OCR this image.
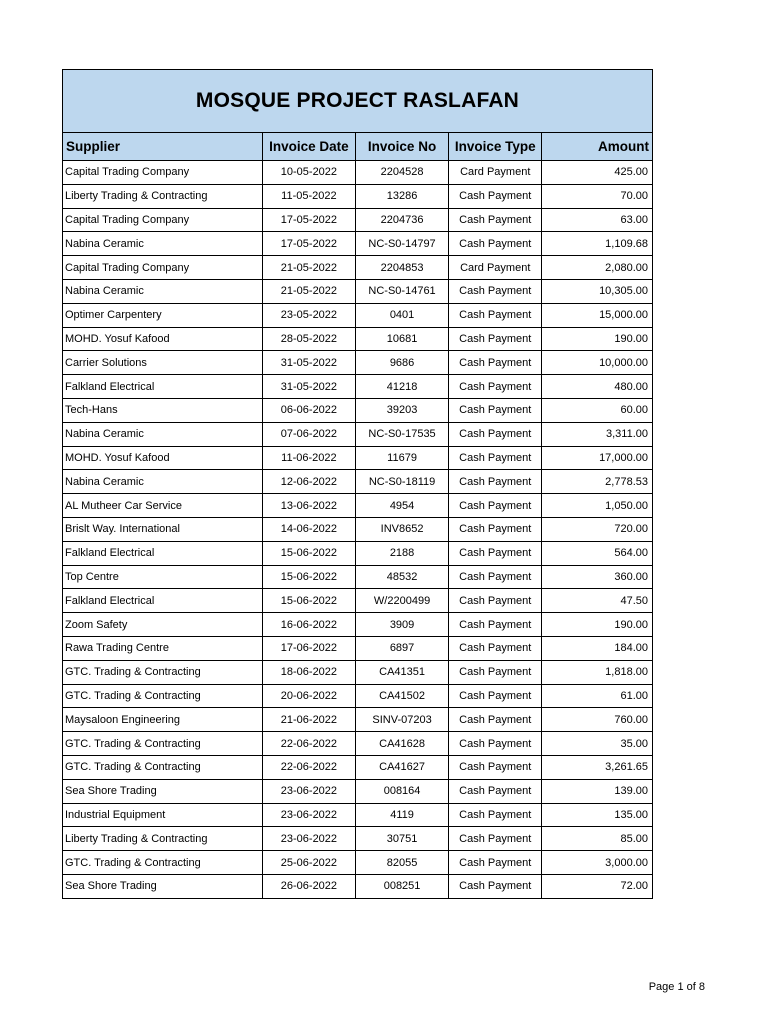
MOSQUE PROJECT RASLAFAN
Supplier	Invoice Date	Invoice No	Invoice Type	Amount
Capital Trading Company	10-05-2022	2204528	Card Payment	425.00
Liberty Trading & Contracting	11-05-2022	13286	Cash Payment	70.00
Capital Trading Company	17-05-2022	2204736	Cash Payment	63.00
Nabina Ceramic	17-05-2022	NC-S0-14797	Cash Payment	1,109.68
Capital Trading Company	21-05-2022	2204853	Card Payment	2,080.00
Nabina Ceramic	21-05-2022	NC-S0-14761	Cash Payment	10,305.00
Optimer Carpentery	23-05-2022	0401	Cash Payment	15,000.00
MOHD. Yosuf Kafood	28-05-2022	10681	Cash Payment	190.00
Carrier Solutions	31-05-2022	9686	Cash Payment	10,000.00
Falkland Electrical	31-05-2022	41218	Cash Payment	480.00
Tech-Hans	06-06-2022	39203	Cash Payment	60.00
Nabina Ceramic	07-06-2022	NC-S0-17535	Cash Payment	3,311.00
MOHD. Yosuf Kafood	11-06-2022	11679	Cash Payment	17,000.00
Nabina Ceramic	12-06-2022	NC-S0-18119	Cash Payment	2,778.53
AL Mutheer Car Service	13-06-2022	4954	Cash Payment	1,050.00
Brislt Way. International	14-06-2022	INV8652	Cash Payment	720.00
Falkland Electrical	15-06-2022	2188	Cash Payment	564.00
Top Centre	15-06-2022	48532	Cash Payment	360.00
Falkland Electrical	15-06-2022	W/2200499	Cash Payment	47.50
Zoom Safety	16-06-2022	3909	Cash Payment	190.00
Rawa Trading Centre	17-06-2022	6897	Cash Payment	184.00
GTC. Trading & Contracting	18-06-2022	CA41351	Cash Payment	1,818.00
GTC. Trading & Contracting	20-06-2022	CA41502	Cash Payment	61.00
Maysaloon Engineering	21-06-2022	SINV-07203	Cash Payment	760.00
GTC. Trading & Contracting	22-06-2022	CA41628	Cash Payment	35.00
GTC. Trading & Contracting	22-06-2022	CA41627	Cash Payment	3,261.65
Sea Shore Trading	23-06-2022	008164	Cash Payment	139.00
Industrial Equipment	23-06-2022	4119	Cash Payment	135.00
Liberty Trading & Contracting	23-06-2022	30751	Cash Payment	85.00
GTC. Trading & Contracting	25-06-2022	82055	Cash Payment	3,000.00
Sea Shore Trading	26-06-2022	008251	Cash Payment	72.00
Page 1 of 8
